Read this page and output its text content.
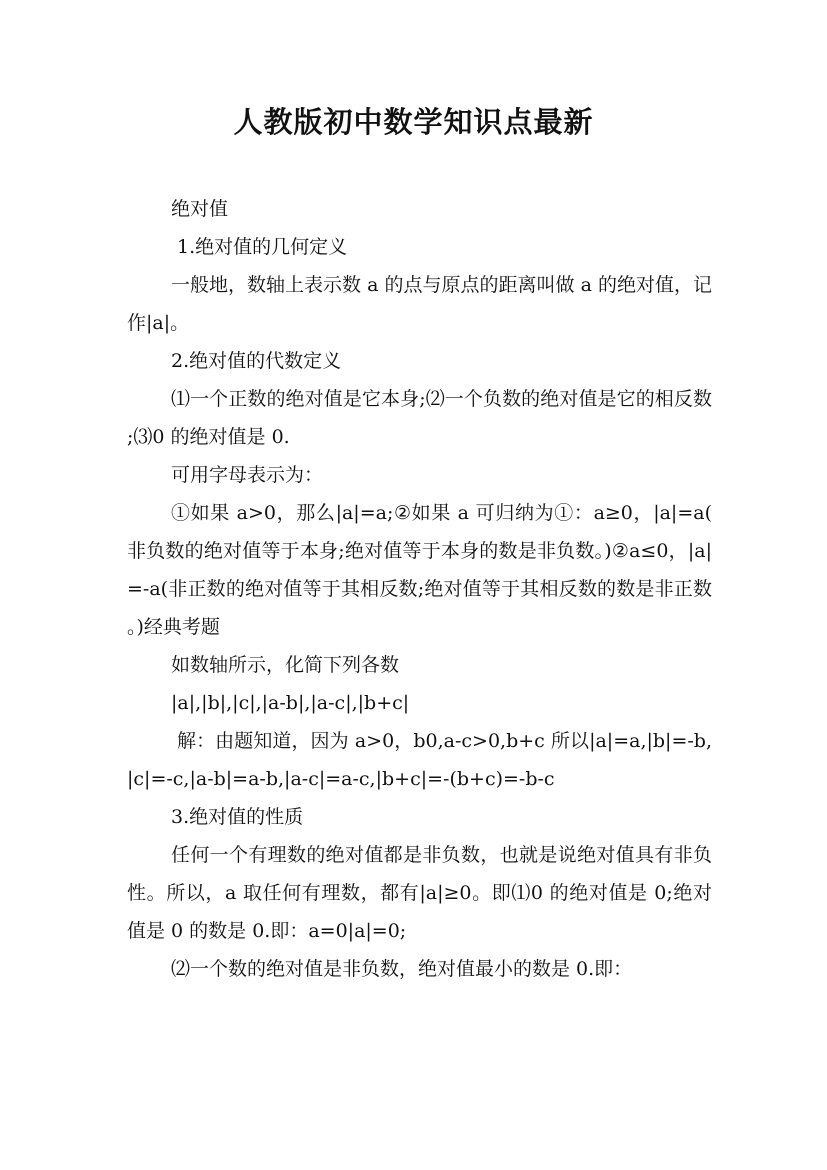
人教版初中数学知识点最新

绝对值

1.绝对值的几何定义

一般地，数轴上表示数 a 的点与原点的距离叫做 a 的绝对值，记作|a|。

2.绝对值的代数定义

⑴一个正数的绝对值是它本身;⑵一个负数的绝对值是它的相反数;⑶0 的绝对值是 0.

可用字母表示为：

①如果 a>0，那么|a|=a;②如果 a 可归纳为①：a≥0，|a|=a(非负数的绝对值等于本身;绝对值等于本身的数是非负数。)②a≤0，|a|=-a(非正数的绝对值等于其相反数;绝对值等于其相反数的数是非正数。)经典考题

如数轴所示，化简下列各数

|a|,|b|,|c|,|a-b|,|a-c|,|b+c|

解：由题知道，因为 a>0，b0,a-c>0,b+c 所以|a|=a,|b|=-b,|c|=-c,|a-b|=a-b,|a-c|=a-c,|b+c|=-(b+c)=-b-c

3.绝对值的性质

任何一个有理数的绝对值都是非负数，也就是说绝对值具有非负性。所以，a 取任何有理数，都有|a|≥0。即⑴0 的绝对值是 0;绝对值是 0 的数是 0.即：a=0|a|=0;

⑵一个数的绝对值是非负数，绝对值最小的数是 0.即：
